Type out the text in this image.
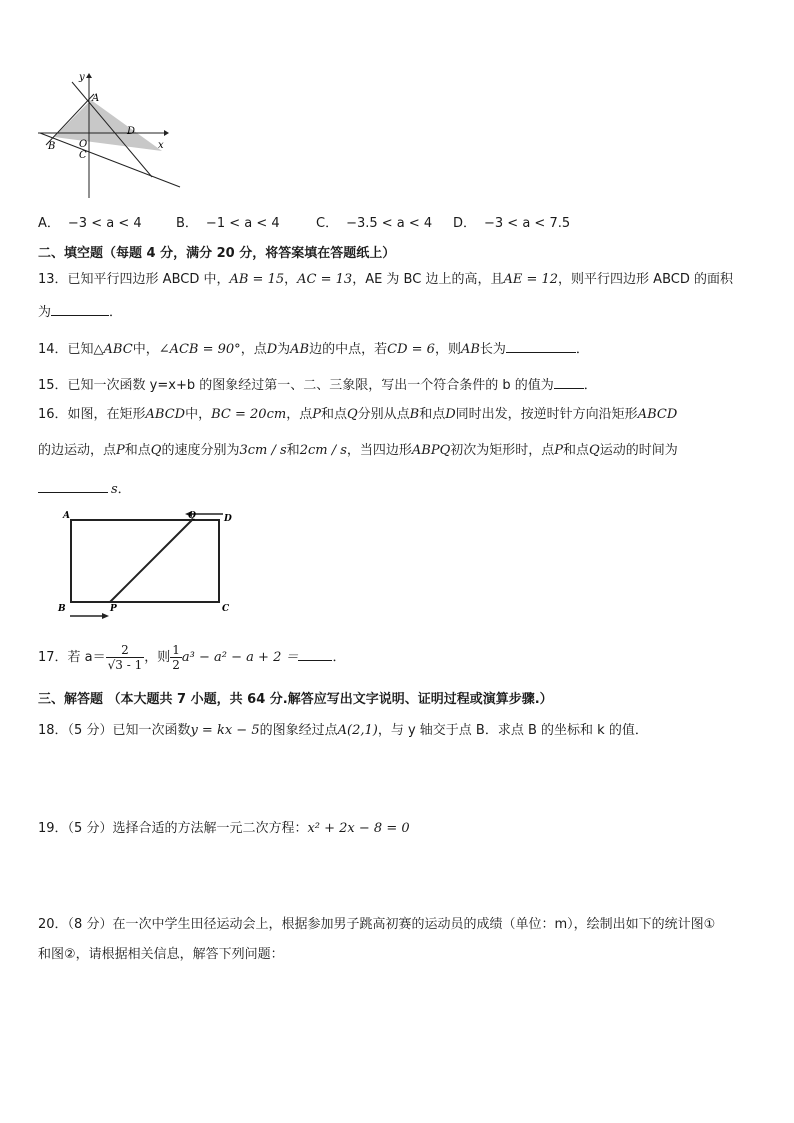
y
A
D
x
B O
C
A． −3 < a < 4	B． −1 < a < 4	C． −3.5 < a < 4 D． −3 < a < 7.5
二、填空题（每题 4 分，满分 20 分，将答案填在答题纸上）
13．已知平行四边形 ABCD 中，AB = 15，AC = 13，AE 为 BC 边上的高，且AE = 12，则平行四边形 ABCD 的面积
为	．
14．已知△ABC中，∠ACB = 90°，点D为AB边的中点，若CD = 6，则AB长为	．
15．已知一次函数 y=x+b 的图象经过第一、二、三象限，写出一个符合条件的 b 的值为 ．
16．如图，在矩形ABCD中，BC = 20cm，点P和点Q分别从点B和点D同时出发，按逆时针方向沿矩形ABCD
的边运动，点P和点Q的速度分别为3cm / s和2cm / s，当四边形ABPQ初次为矩形时，点P和点Q运动的时间为
s．
A	Q	D
B	P	C
17．若 $a= \frac{2}{√3 - 1}$ ，则 $\frac{1}{2} a^3 - a^2 - a + 2$ ＝	．
三、解答题 （本大题共 7 小题，共 64 分.解答应写出文字说明、证明过程或演算步骤.）
18．（5 分）已知一次函数y = kx − 5的图象经过点A(2,1)，与 y 轴交于点 B．求点 B 的坐标和 k 的值．
19．（5 分）选择合适的方法解一元二次方程：x² + 2x − 8 = 0
20．（8 分）在一次中学生田径运动会上，根据参加男子跳高初赛的运动员的成绩（单位：m），绘制出如下的统计图①
和图②，请根据相关信息，解答下列问题：
